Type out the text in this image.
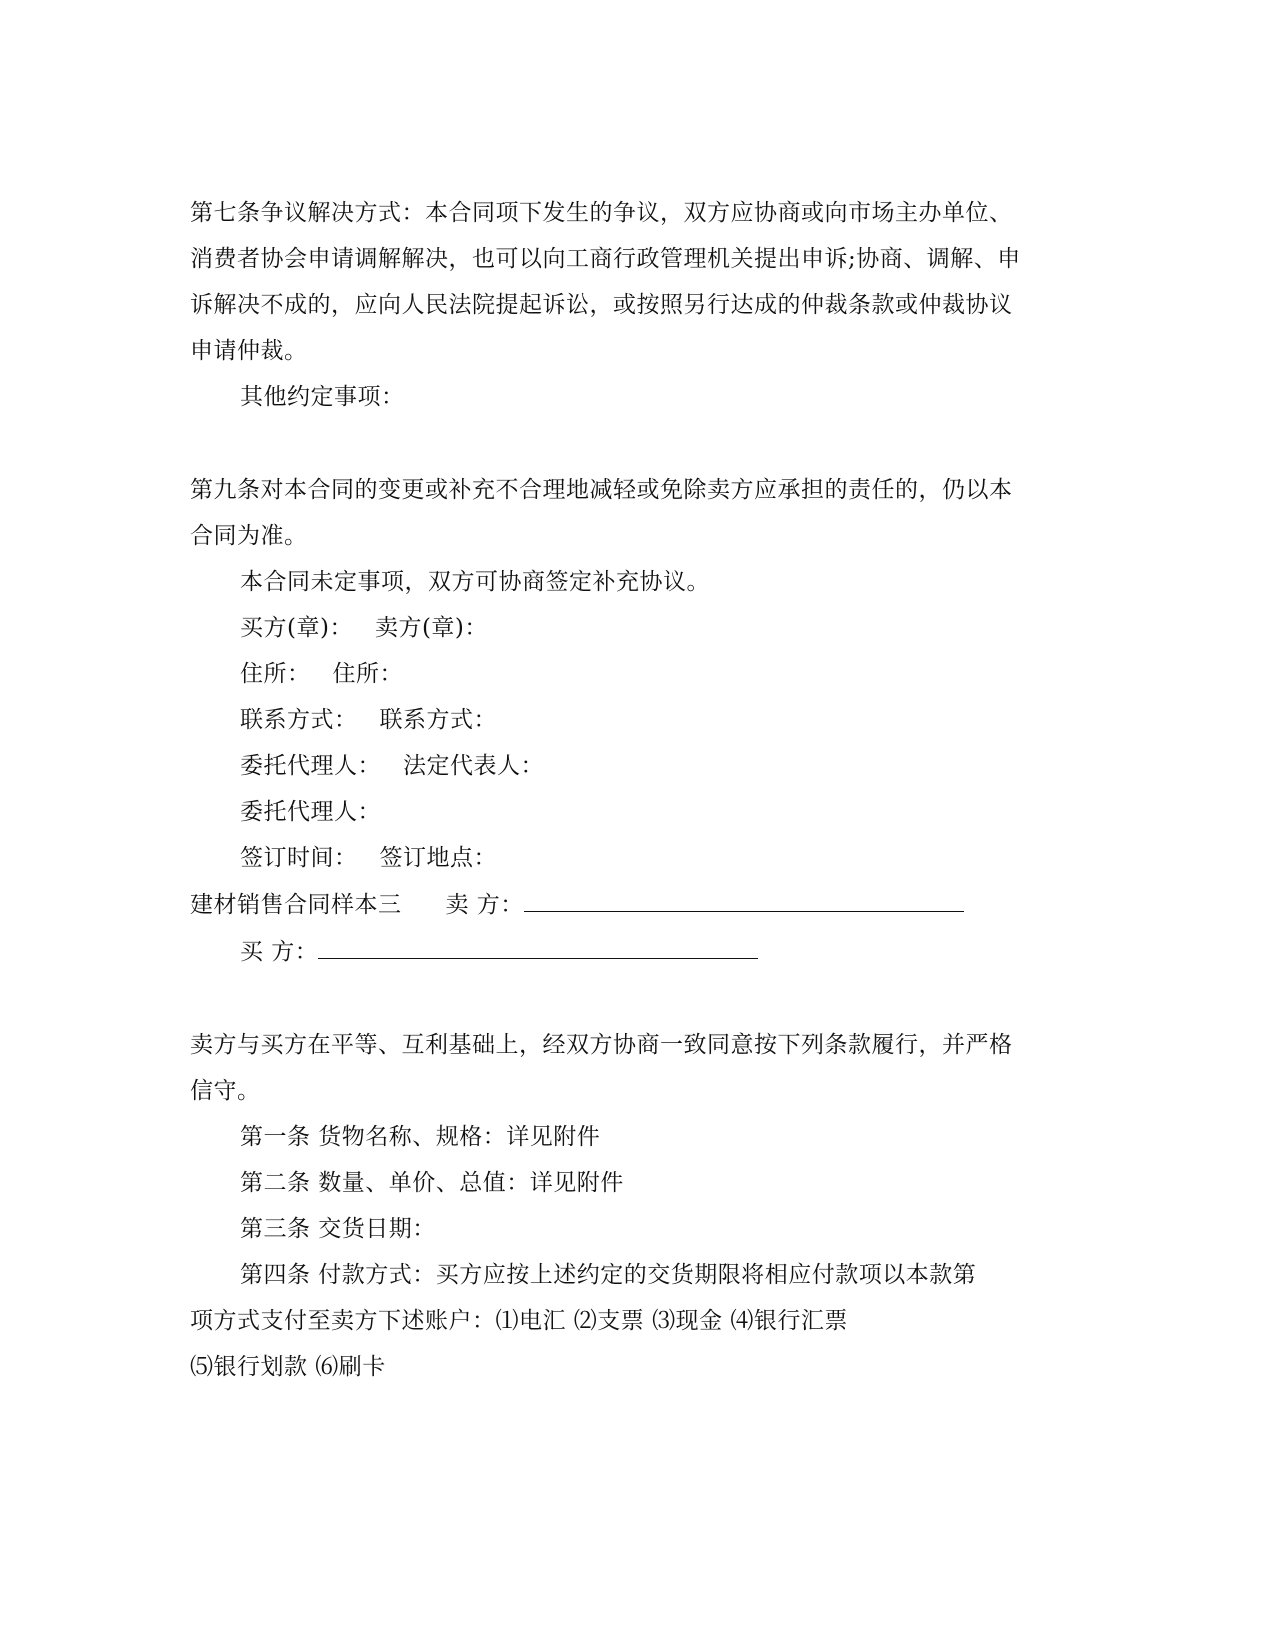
第七条争议解决方式：本合同项下发生的争议，双方应协商或向市场主办单位、
消费者协会申请调解解决，也可以向工商行政管理机关提出申诉;协商、调解、申
诉解决不成的，应向人民法院提起诉讼，或按照另行达成的仲裁条款或仲裁协议
申请仲裁。
其他约定事项：
第九条对本合同的变更或补充不合理地减轻或免除卖方应承担的责任的，仍以本
合同为准。
本合同未定事项，双方可协商签定补充协议。
买方(章)： 卖方(章)：
住所： 住所：
联系方式： 联系方式：
委托代理人： 法定代表人：
委托代理人：
签订时间： 签订地点：
建材销售合同样本三 卖 方：
买 方：
卖方与买方在平等、互利基础上，经双方协商一致同意按下列条款履行，并严格
信守。
第一条 货物名称、规格：详见附件
第二条 数量、单价、总值：详见附件
第三条 交货日期：
第四条 付款方式：买方应按上述约定的交货期限将相应付款项以本款第
项方式支付至卖方下述账户：⑴电汇 ⑵支票 ⑶现金 ⑷银行汇票
⑸银行划款 ⑹刷卡
